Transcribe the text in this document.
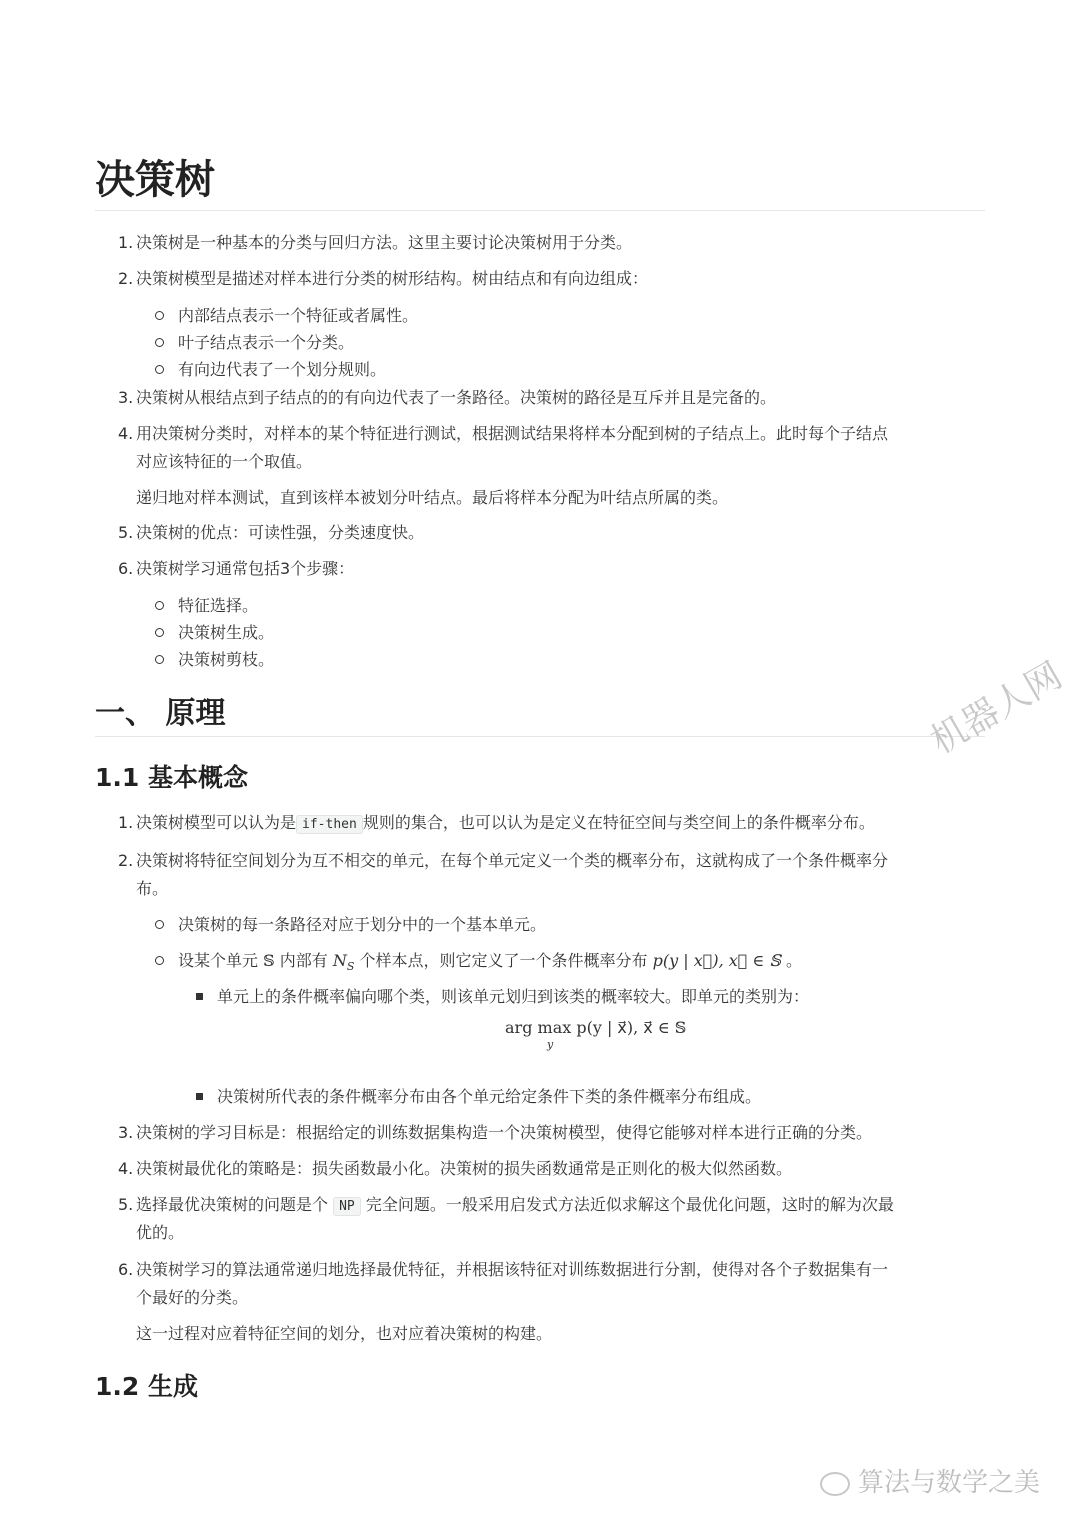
决策树
1. 决策树是一种基本的分类与回归方法。这里主要讨论决策树用于分类。
2. 决策树模型是描述对样本进行分类的树形结构。树由结点和有向边组成：
内部结点表示一个特征或者属性。
叶子结点表示一个分类。
有向边代表了一个划分规则。
3. 决策树从根结点到子结点的的有向边代表了一条路径。决策树的路径是互斥并且是完备的。
4. 用决策树分类时，对样本的某个特征进行测试，根据测试结果将样本分配到树的子结点上。此时每个子结点
对应该特征的一个取值。
递归地对样本测试，直到该样本被划分叶结点。最后将样本分配为叶结点所属的类。
5. 决策树的优点：可读性强，分类速度快。
6. 决策树学习通常包括3个步骤：
特征选择。
决策树生成。
决策树剪枝。
一、 原理
1.1 基本概念
1. 决策树模型可以认为是 if-then 规则的集合，也可以认为是定义在特征空间与类空间上的条件概率分布。
2. 决策树将特征空间划分为互不相交的单元，在每个单元定义一个类的概率分布，这就构成了一个条件概率分
布。
决策树的每一条路径对应于划分中的一个基本单元。
设某个单元 𝕊 内部有 $N_S$ 个样本点，则它定义了一个条件概率分布 p(y | x⃗), x⃗ ∈ 𝕊 。
单元上的条件概率偏向哪个类，则该单元划归到该类的概率较大。即单元的类别为：
arg max p(y | x⃗), x⃗ ∈ 𝕊
y
决策树所代表的条件概率分布由各个单元给定条件下类的条件概率分布组成。
3. 决策树的学习目标是：根据给定的训练数据集构造一个决策树模型，使得它能够对样本进行正确的分类。
4. 决策树最优化的策略是：损失函数最小化。决策树的损失函数通常是正则化的极大似然函数。
5. 选择最优决策树的问题是个 NP 完全问题。一般采用启发式方法近似求解这个最优化问题，这时的解为次最
优的。
6. 决策树学习的算法通常递归地选择最优特征，并根据该特征对训练数据进行分割，使得对各个子数据集有一
个最好的分类。
这一过程对应着特征空间的划分，也对应着决策树的构建。
1.2 生成
机器人网
算法与数学之美
